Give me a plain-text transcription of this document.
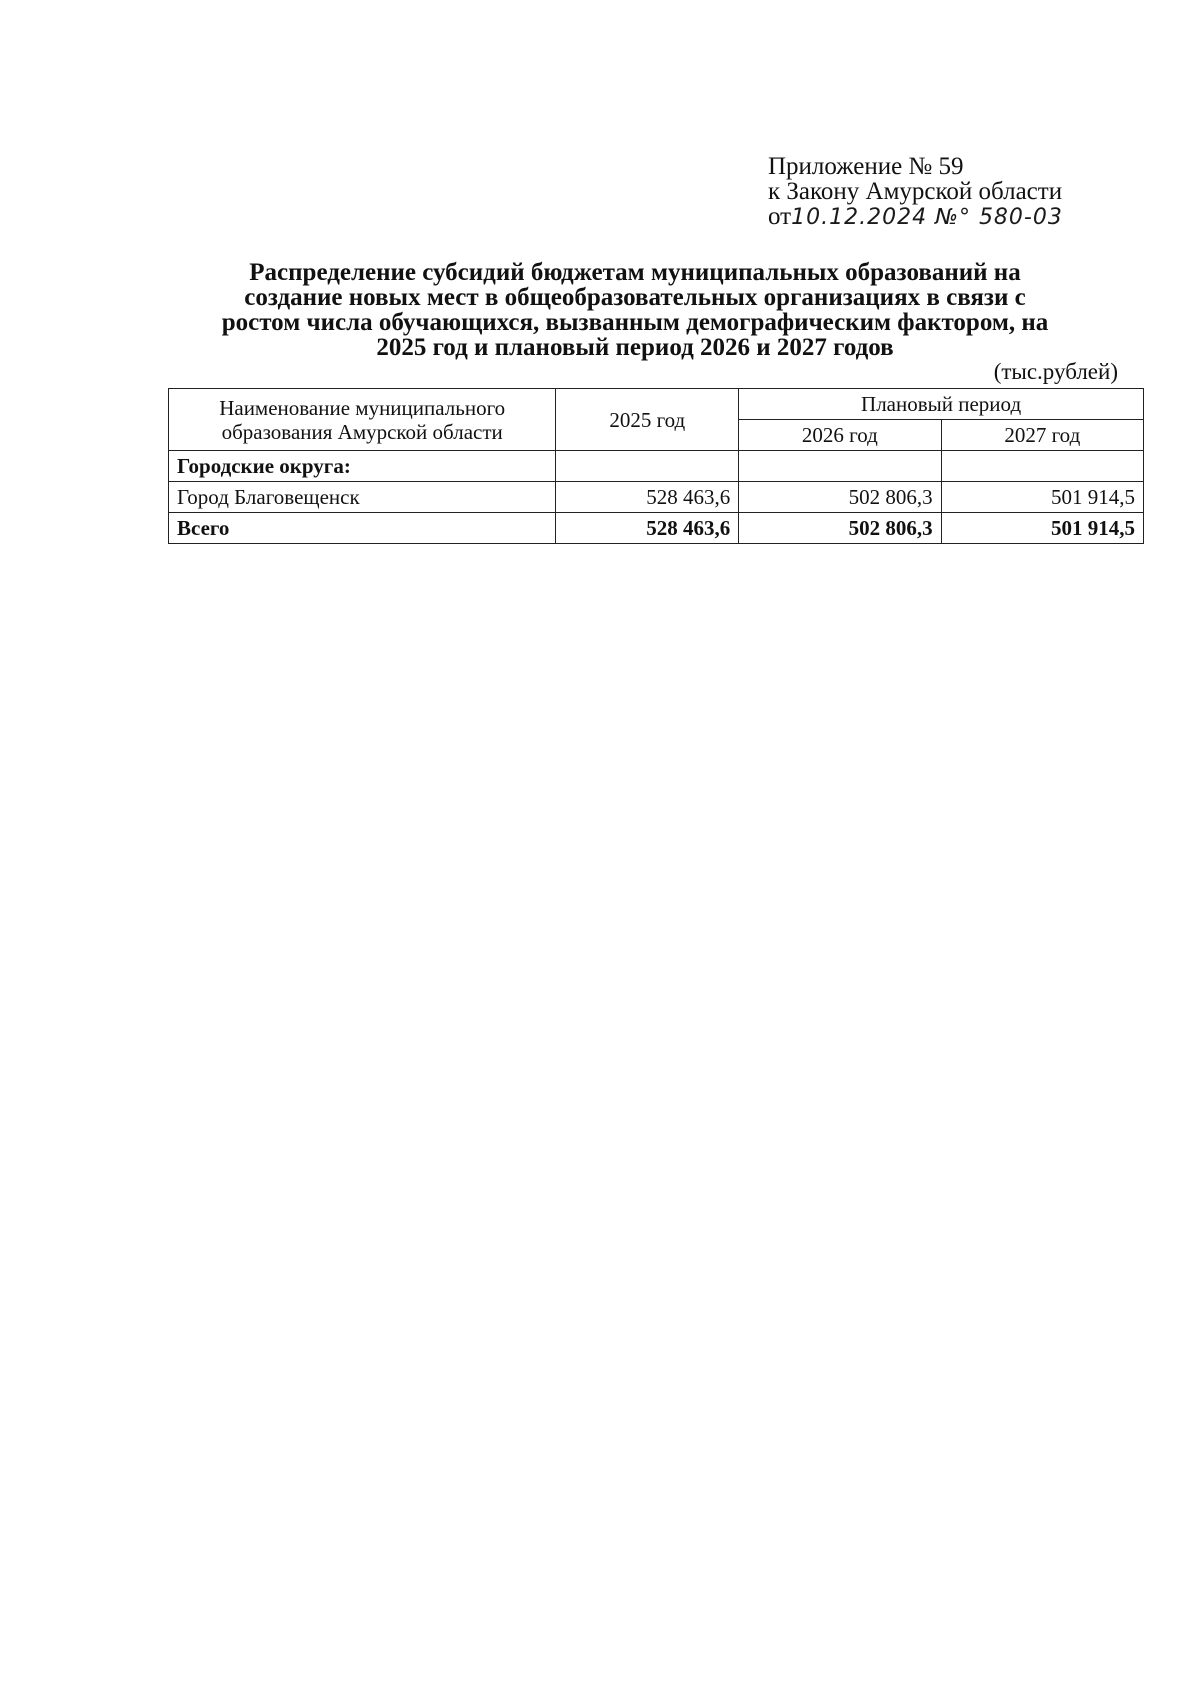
Приложение № 59
к Закону Амурской области
от10.12.2024 №° 580-03
Распределение субсидий бюджетам муниципальных образований на
создание новых мест в общеобразовательных организациях в связи с
ростом числа обучающихся, вызванным демографическим фактором, на
2025 год и плановый период 2026 и 2027 годов
(тыс.рублей)
Наименование муниципального
образования Амурской области	2025 год	Плановый период	
		2026 год	2027 год
Городские округа:			
Город Благовещенск	528 463,6	502 806,3	501 914,5
Всего	528 463,6	502 806,3	501 914,5
